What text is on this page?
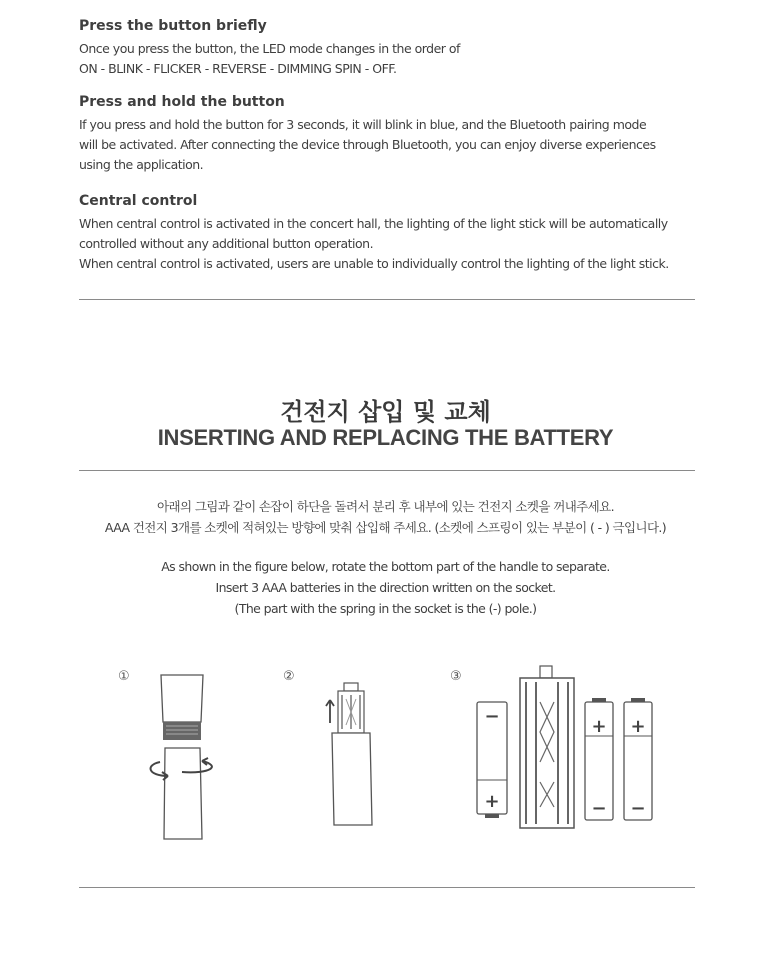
Press the button briefly

Once you press the button, the LED mode changes in the order of

ON - BLINK - FLICKER - REVERSE - DIMMING SPIN - OFF.

Press and hold the button

If you press and hold the button for 3 seconds, it will blink in blue, and the Bluetooth pairing mode

will be activated. After connecting the device through Bluetooth, you can enjoy diverse experiences

using the application.

Central control

When central control is activated in the concert hall, the lighting of the light stick will be automatically

controlled without any additional button operation.

When central control is activated, users are unable to individually control the lighting of the light stick.

건전지 삽입 및 교체
INSERTING AND REPLACING THE BATTERY
아래의 그림과 같이 손잡이 하단을 돌려서 분리 후 내부에 있는 건전지 소켓을 꺼내주세요.
AAA 건전지 3개를 소켓에 적혀있는 방향에 맞춰 삽입해 주세요. (소켓에 스프링이 있는 부분이 ( - ) 극입니다.)
As shown in the figure below, rotate the bottom part of the handle to separate.
Insert 3 AAA batteries in the direction written on the socket.
(The part with the spring in the socket is the (-) pole.)
①	②	③
−
+
+
−
+
−
